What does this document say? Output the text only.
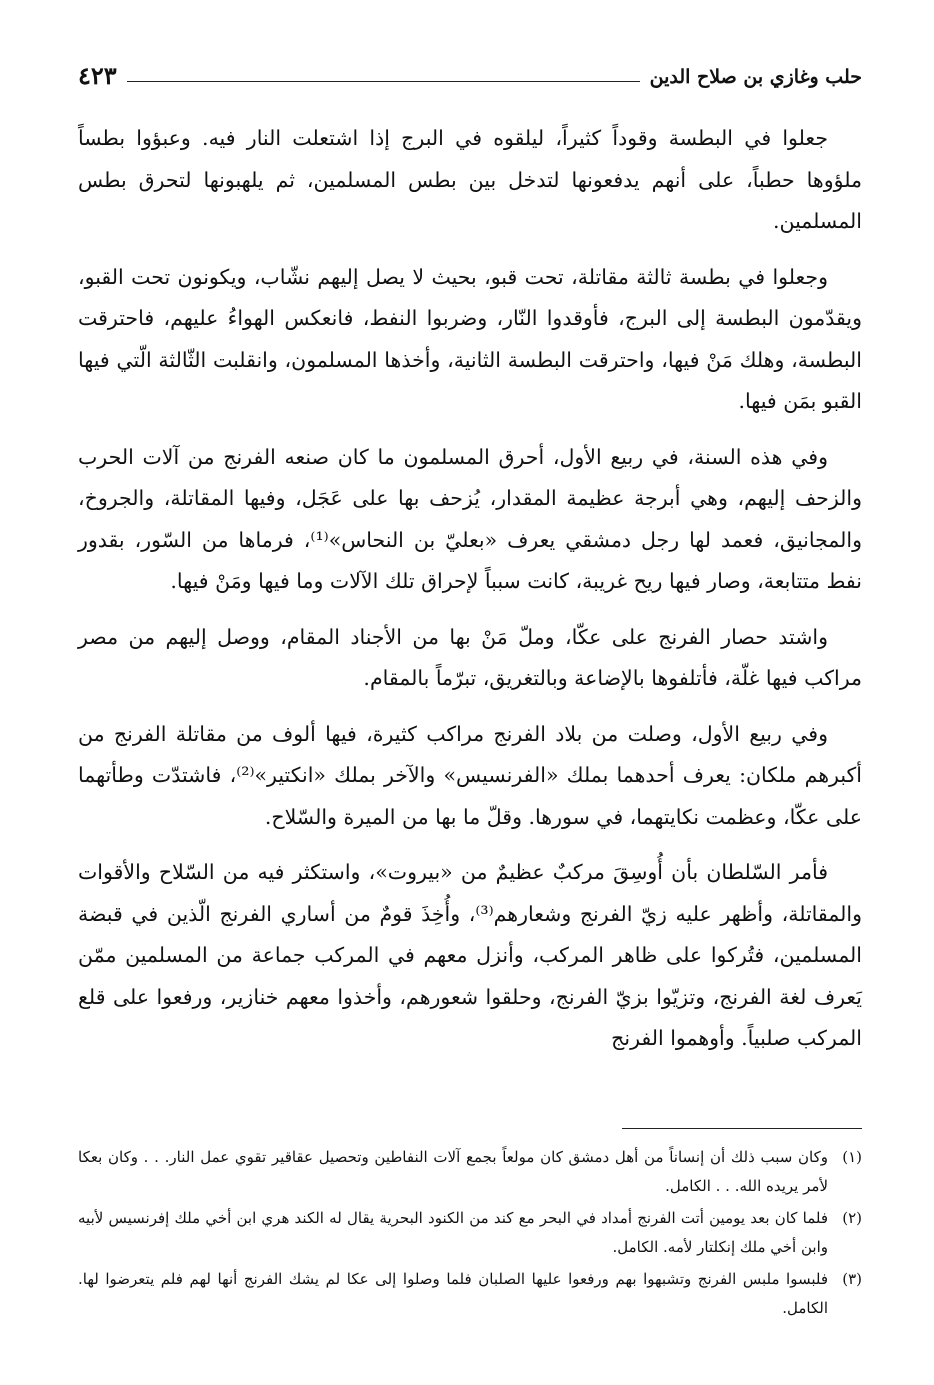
حلب وغازي بن صلاح الدين
٤٢٣

جعلوا في البطسة وقوداً كثيراً، ليلقوه في البرج إذا اشتعلت النار فيه. وعبؤوا بطساً ملؤوها حطباً، على أنهم يدفعونها لتدخل بين بطس المسلمين، ثم يلهبونها لتحرق بطس المسلمين.

وجعلوا في بطسة ثالثة مقاتلة، تحت قبو، بحيث لا يصل إليهم نشّاب، ويكونون تحت القبو، ويقدّمون البطسة إلى البرج، فأوقدوا النّار، وضربوا النفط، فانعكس الهواءُ عليهم، فاحترقت البطسة، وهلك مَنْ فيها، واحترقت البطسة الثانية، وأخذها المسلمون، وانقلبت الثّالثة الّتي فيها القبو بمَن فيها.

وفي هذه السنة، في ربيع الأول، أحرق المسلمون ما كان صنعه الفرنج من آلات الحرب والزحف إليهم، وهي أبرجة عظيمة المقدار، يُزحف بها على عَجَل، وفيها المقاتلة، والجروخ، والمجانيق، فعمد لها رجل دمشقي يعرف «بعليّ بن النحاس»⁽¹⁾، فرماها من السّور، بقدور نفط متتابعة، وصار فيها ريح غريبة، كانت سبباً لإحراق تلك الآلات وما فيها ومَنْ فيها.

واشتد حصار الفرنج على عكّا، وملّ مَنْ بها من الأجناد المقام، ووصل إليهم من مصر مراكب فيها غلّة، فأتلفوها بالإضاعة وبالتغريق، تبرّماً بالمقام.

وفي ربيع الأول، وصلت من بلاد الفرنج مراكب كثيرة، فيها ألوف من مقاتلة الفرنج من أكبرهم ملكان: يعرف أحدهما بملك «الفرنسيس» والآخر بملك «انكتير»⁽²⁾، فاشتدّت وطأتهما على عكّا، وعظمت نكايتهما، في سورها. وقلّ ما بها من الميرة والسّلاح.

فأمر السّلطان بأن أُوسِقَ مركبٌ عظيمٌ من «بيروت»، واستكثر فيه من السّلاح والأقوات والمقاتلة، وأظهر عليه زيّ الفرنج وشعارهم⁽³⁾، وأُخِذَ قومٌ من أساري الفرنج الّذين في قبضة المسلمين، فتُركوا على ظاهر المركب، وأنزل معهم في المركب جماعة من المسلمين ممّن يَعرف لغة الفرنج، وتزيّوا بزيّ الفرنج، وحلقوا شعورهم، وأخذوا معهم خنازير، ورفعوا على قلع المركب صلبياً. وأوهموا الفرنج

(١)وكان سبب ذلك أن إنساناً من أهل دمشق كان مولعاً بجمع آلات النفاطين وتحصيل عقاقير تقوي عمل النار. . . وكان بعكا لأمر يريده الله. . . الكامل.

(٢)فلما كان بعد يومين أتت الفرنج أمداد في البحر مع كند من الكنود البحرية يقال له الكند هري ابن أخي ملك إفرنسيس لأبيه وابن أخي ملك إنكلتار لأمه. الكامل.

(٣)فلبسوا ملبس الفرنج وتشبهوا بهم ورفعوا عليها الصلبان فلما وصلوا إلى عكا لم يشك الفرنج أنها لهم فلم يتعرضوا لها. الكامل.
